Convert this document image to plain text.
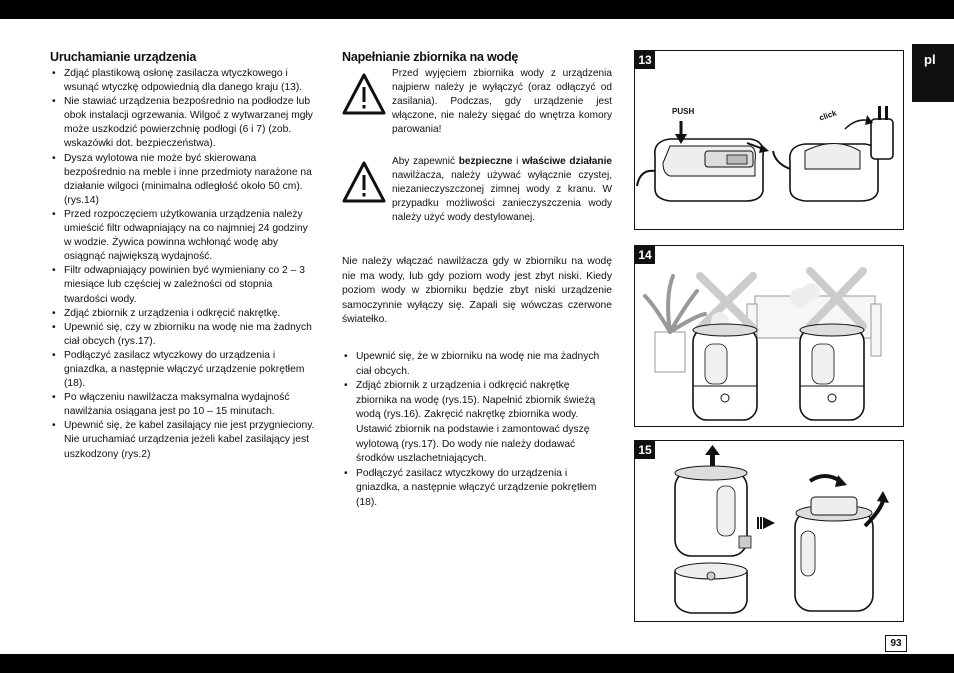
pl
Uruchamianie urządzenia
• Zdjąć plastikową osłonę zasilacza wtyczkowego i wsunąć wtyczkę odpowiednią dla danego kraju (13).
• Nie stawiać urządzenia bezpośrednio na podłodze lub obok instalacji ogrzewania. Wilgoć z wytwarzanej mgły może uszkodzić powierzchnię podłogi (6 i 7) (zob. wskazówki dot. bezpieczeństwa).
• Dysza wylotowa nie może być skierowana bezpośrednio na meble i inne przedmioty narażone na działanie wilgoci (minimalna odległość około 50 cm). (rys.14)
• Przed rozpoczęciem użytkowania urządzenia należy umieścić filtr odwapniający na co najmniej 24 godziny w wodzie. Żywica powinna wchłonąć wodę aby osiągnąć największą wydajność.
• Filtr odwapniający powinien być wymieniany co 2 – 3 miesiące lub częściej w zależności od stopnia twardości wody.
• Zdjąć zbiornik z urządzenia i odkręcić nakrętkę.
• Upewnić się, czy w zbiorniku na wodę nie ma żadnych ciał obcych (rys.17).
• Podłączyć zasilacz wtyczkowy do urządzenia i gniazdka, a następnie włączyć urządzenie pokrętłem (18).
• Po włączeniu nawilżacza maksymalna wydajność nawilżania osiągana jest po 10 – 15 minutach.
• Upewnić się, że kabel zasilający nie jest przygnieciony. Nie uruchamiać urządzenia jeżeli kabel zasilający jest uszkodzony (rys.2)
Napełnianie zbiornika na wodę
Przed wyjęciem zbiornika wody z urządzenia najpierw należy je wyłączyć (oraz odłączyć od zasilania). Podczas, gdy urządzenie jest włączone, nie należy sięgać do wnętrza komory parowania!
Aby zapewnić bezpieczne i właściwe działanie nawilżacza, należy używać wyłącznie czystej, niezanieczyszczonej zimnej wody z kranu. W przypadku możliwości zanieczyszczenia wody należy użyć wody destylowanej.

Nie należy włączać nawilżacza gdy w zbiorniku na wodę nie ma wody, lub gdy poziom wody jest zbyt niski. Kiedy poziom wody w zbiorniku będzie zbyt niski urządzenie samoczynnie wyłączy się. Zapali się wówczas czerwone światełko.

• Upewnić się, że w zbiorniku na wodę nie ma żadnych ciał obcych.
• Zdjąć zbiornik z urządzenia i odkręcić nakrętkę zbiornika na wodę (rys.15). Napełnić zbiornik świeżą wodą (rys.16). Zakręcić nakrętkę zbiornika wody. Ustawić zbiornik na podstawie i zamontować dyszę wylotową (rys.17). Do wody nie należy dodawać środków uszlachetniających.
• Podłączyć zasilacz wtyczkowy do urządzenia i gniazdka, a następnie włączyć urządzenie pokrętłem (18).
13
PUSH	click
14
15
93
